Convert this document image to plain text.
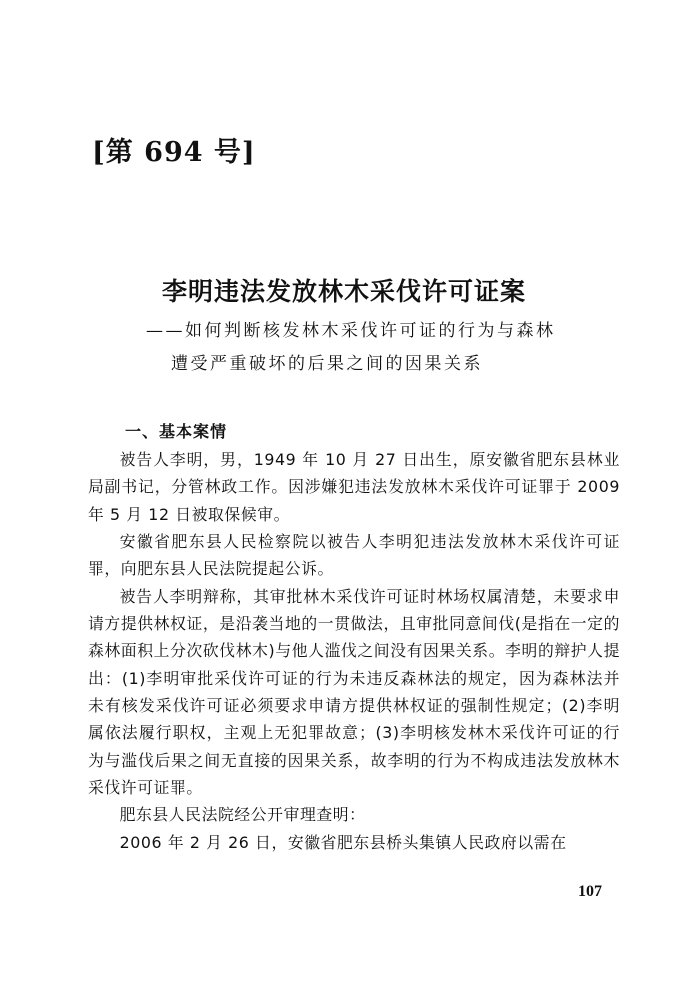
[第 694 号]
李明违法发放林木采伐许可证案
——如何判断核发林木采伐许可证的行为与森林
遭受严重破坏的后果之间的因果关系
一、基本案情

被告人李明，男，1949 年 10 月 27 日出生，原安徽省肥东县林业局副书记，分管林政工作。因涉嫌犯违法发放林木采伐许可证罪于 2009 年 5 月 12 日被取保候审。

安徽省肥东县人民检察院以被告人李明犯违法发放林木采伐许可证罪，向肥东县人民法院提起公诉。

被告人李明辩称，其审批林木采伐许可证时林场权属清楚，未要求申请方提供林权证，是沿袭当地的一贯做法，且审批同意间伐(是指在一定的森林面积上分次砍伐林木)与他人滥伐之间没有因果关系。李明的辩护人提出：(1)李明审批采伐许可证的行为未违反森林法的规定，因为森林法并未有核发采伐许可证必须要求申请方提供林权证的强制性规定；(2)李明属依法履行职权，主观上无犯罪故意；(3)李明核发林木采伐许可证的行为与滥伐后果之间无直接的因果关系，故李明的行为不构成违法发放林木采伐许可证罪。

肥东县人民法院经公开审理查明：

2006 年 2 月 26 日，安徽省肥东县桥头集镇人民政府以需在

107
